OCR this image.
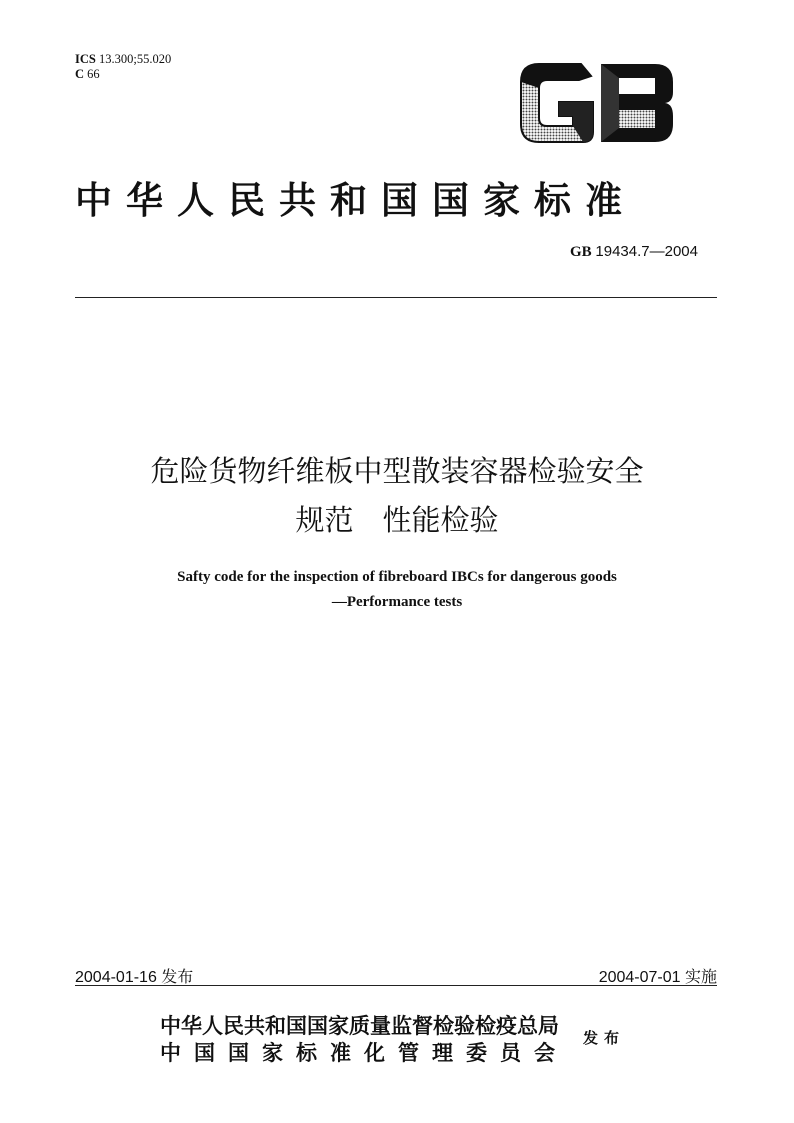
ICS 13.300;55.020
C 66
中华人民共和国国家标准
GB 19434.7—2004
危险货物纤维板中型散装容器检验安全
规范　性能检验
Safty code for the inspection of fibreboard IBCs for dangerous goods
—Performance tests
2004-01-16 发布	2004-07-01 实施
中华人民共和国国家质量监督检验检疫总局
中国国家标准化管理委员会
发布
